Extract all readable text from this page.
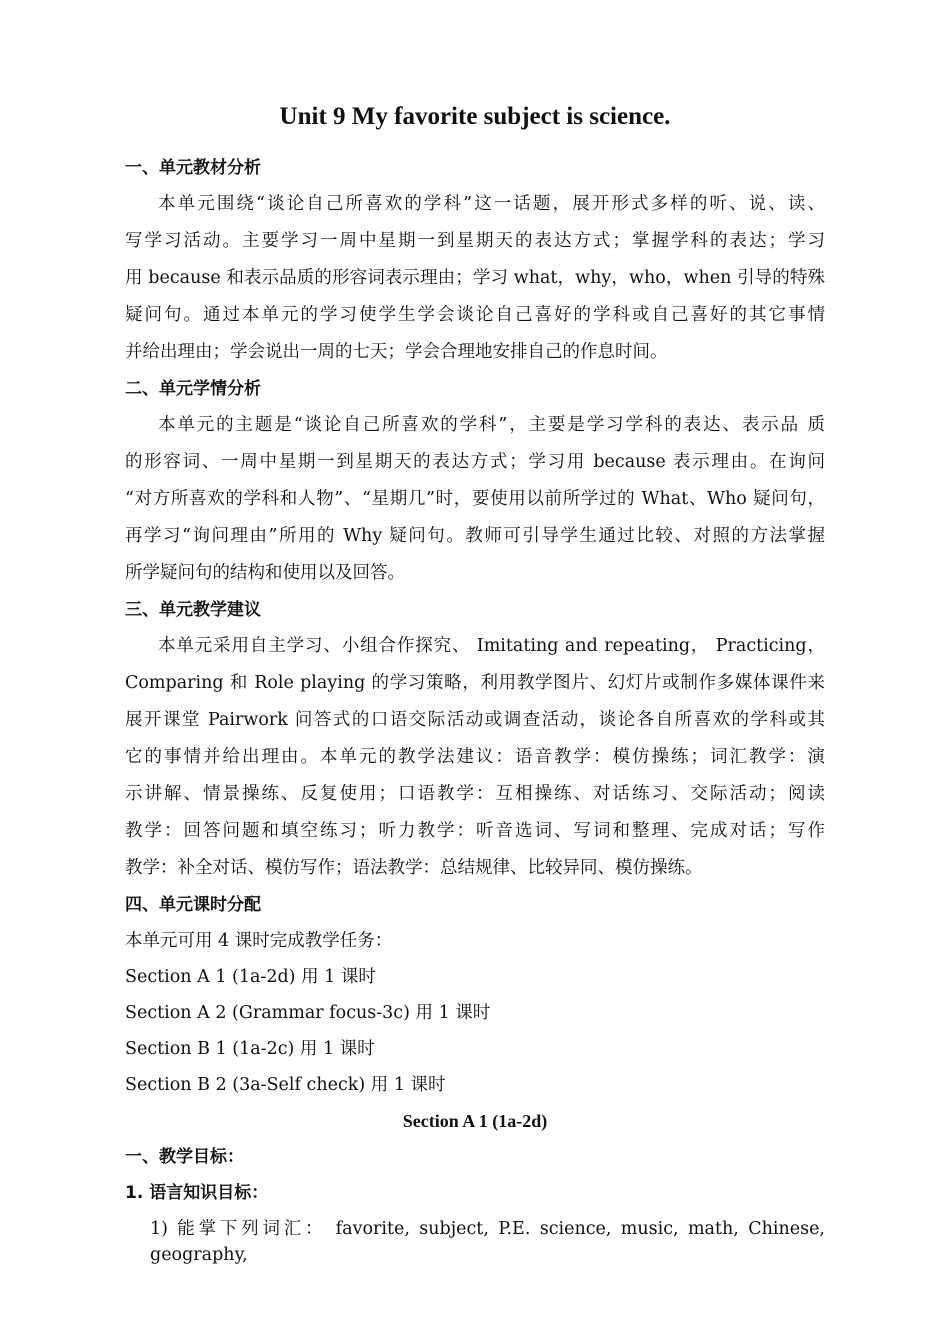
Unit 9 My favorite subject is science.
一、单元教材分析
本单元围绕“谈论自己所喜欢的学科”这一话题，展开形式多样的听、说、读、
写学习活动。主要学习一周中星期一到星期天的表达方式；掌握学科的表达；学习
用 because 和表示品质的形容词表示理由；学习 what，why，who，when 引导的特殊
疑问句。通过本单元的学习使学生学会谈论自己喜好的学科或自己喜好的其它事情
并给出理由；学会说出一周的七天；学会合理地安排自己的作息时间。
二、单元学情分析
本单元的主题是“谈论自己所喜欢的学科”，主要是学习学科的表达、表示品 质
的形容词、一周中星期一到星期天的表达方式；学习用 because 表示理由。在询问
“对方所喜欢的学科和人物”、“星期几”时，要使用以前所学过的 What、Who 疑问句，
再学习“询问理由”所用的 Why 疑问句。教师可引导学生通过比较、对照的方法掌握
所学疑问句的结构和使用以及回答。
三、单元教学建议
本单元采用自主学习、小组合作探究、 Imitating and repeating， Practicing，
Comparing 和 Role playing 的学习策略，利用教学图片、幻灯片或制作多媒体课件来
展开课堂 Pairwork 问答式的口语交际活动或调查活动，谈论各自所喜欢的学科或其
它的事情并给出理由。本单元的教学法建议：语音教学：模仿操练；词汇教学：演
示讲解、情景操练、反复使用；口语教学：互相操练、对话练习、交际活动；阅读
教学：回答问题和填空练习；听力教学：听音选词、写词和整理、完成对话；写作
教学：补全对话、模仿写作；语法教学：总结规律、比较异同、模仿操练。
四、单元课时分配
本单元可用 4 课时完成教学任务：
Section A 1 (1a-2d) 用 1 课时
Section A 2 (Grammar focus-3c) 用 1 课时
Section B 1 (1a-2c) 用 1 课时
Section B 2 (3a-Self check) 用 1 课时
Section A 1 (1a-2d)
一、教学目标：
1. 语言知识目标：
1) 能掌下列词汇： favorite, subject, P.E. science, music, math, Chinese, geography,
